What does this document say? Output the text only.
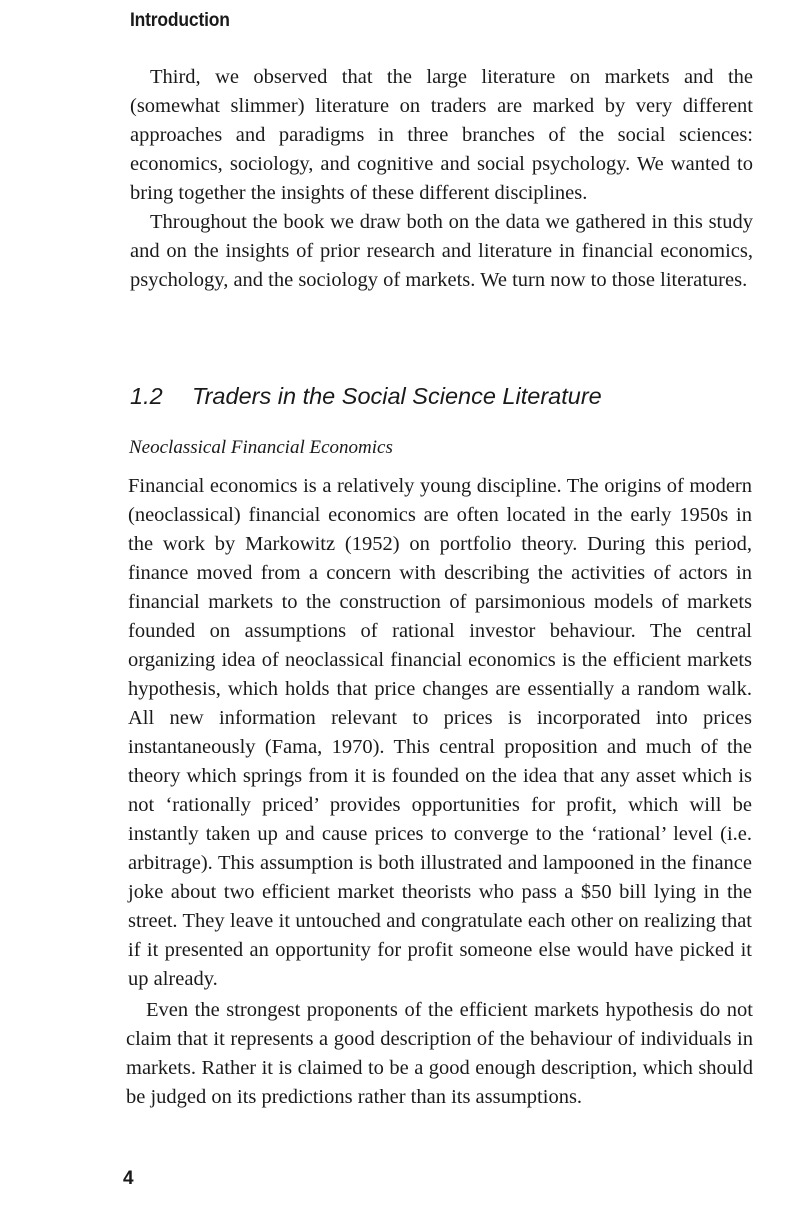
Introduction

Third, we observed that the large literature on markets and the (somewhat slimmer) literature on traders are marked by very different approaches and paradigms in three branches of the social sciences: economics, sociology, and cognitive and social psychology. We wanted to bring together the insights of these different disciplines.

Throughout the book we draw both on the data we gathered in this study and on the insights of prior research and literature in financial economics, psychology, and the sociology of markets. We turn now to those literatures.

1.2 Traders in the Social Science Literature
Neoclassical Financial Economics

Financial economics is a relatively young discipline. The origins of modern (neoclassical) financial economics are often located in the early 1950s in the work by Markowitz (1952) on portfolio theory. During this period, finance moved from a concern with describing the activities of actors in financial markets to the construction of parsimonious models of markets founded on assumptions of rational investor behaviour. The central organizing idea of neoclassical financial economics is the efficient markets hypothesis, which holds that price changes are essentially a random walk. All new information relevant to prices is incorporated into prices instantaneously (Fama, 1970). This central proposition and much of the theory which springs from it is founded on the idea that any asset which is not ‘rationally priced’ provides opportunities for profit, which will be instantly taken up and cause prices to converge to the ‘rational’ level (i.e. arbitrage). This assumption is both illustrated and lampooned in the finance joke about two efficient market theorists who pass a $50 bill lying in the street. They leave it untouched and congratulate each other on realizing that if it presented an opportunity for profit someone else would have picked it up already.

Even the strongest proponents of the efficient markets hypothesis do not claim that it represents a good description of the behaviour of individuals in markets. Rather it is claimed to be a good enough description, which should be judged on its predictions rather than its assumptions.

4
